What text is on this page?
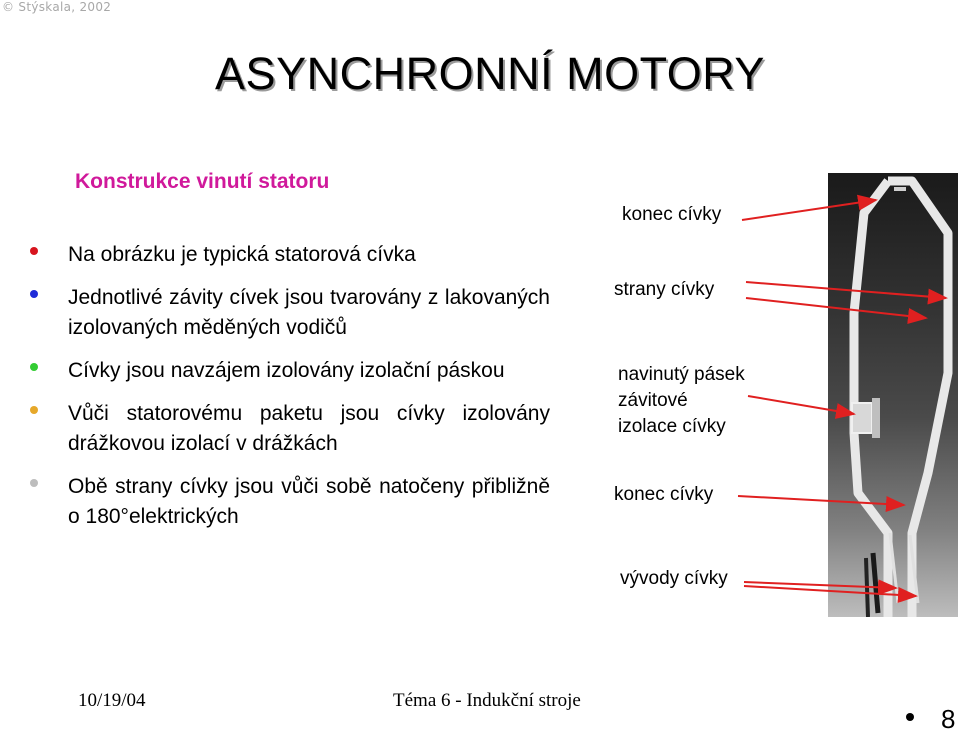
© Stýskala, 2002
ASYNCHRONNÍ MOTORY
Konstrukce vinutí statoru
Na obrázku je typická statorová cívka
Jednotlivé závity cívek jsou tvarovány z lakovaných izolovaných měděných vodičů
Cívky jsou navzájem izolovány izolační páskou
Vůči statorovému paketu jsou cívky izolovány drážkovou izolací v drážkách
Obě strany cívky jsou vůči sobě natočeny přibližně o 180°elektrických
konec cívky
strany cívky
navinutý pásek
závitové
izolace cívky
konec cívky
vývody cívky
10/19/04	Téma 6 - Indukční stroje
8
